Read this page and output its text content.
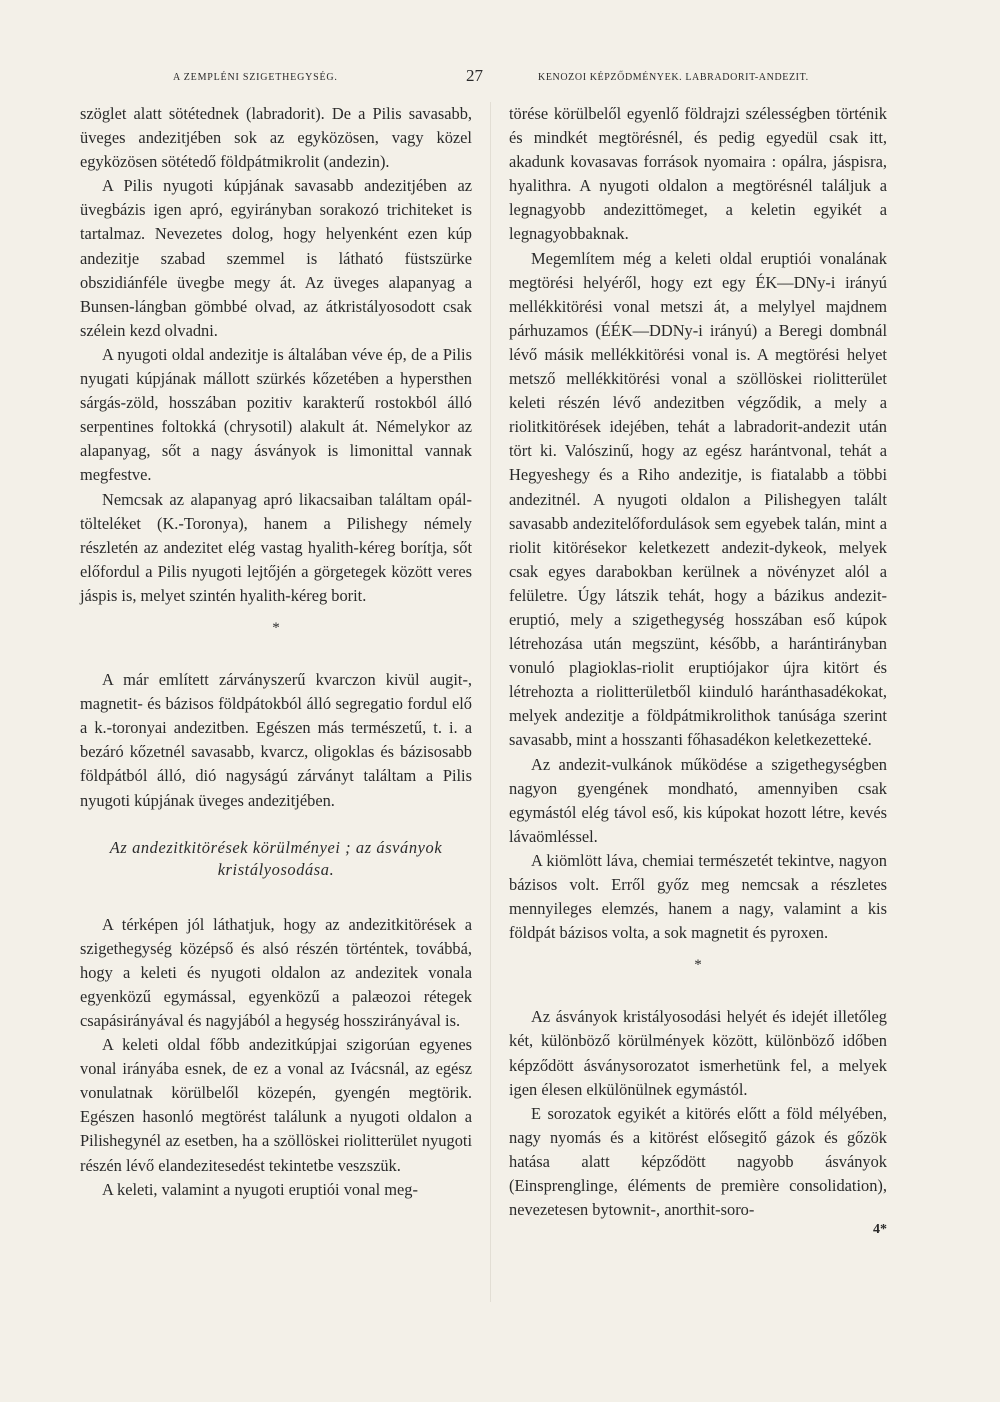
A ZEMPLÉNI SZIGETHEGYSÉG.	27	KENOZOI KÉPZŐDMÉNYEK. LABRADORIT-ANDEZIT.

szöglet alatt sötétednek (labradorit). De a Pilis savasabb, üveges andezitjében sok az egyközösen, vagy közel egyközösen sötétedő földpátmikrolit (andezin).

A Pilis nyugoti kúpjának savasabb andezitjében az üvegbázis igen apró, egyirányban sorakozó trichiteket is tartalmaz. Nevezetes dolog, hogy helyenként ezen kúp andezitje szabad szemmel is látható füstszürke obszidiánféle üvegbe megy át. Az üveges alapanyag a Bunsen-lángban gömbbé olvad, az átkristályosodott csak szélein kezd olvadni.

A nyugoti oldal andezitje is általában véve ép, de a Pilis nyugati kúpjának mállott szürkés kőzetében a hypersthen sárgás-zöld, hosszában pozitiv karakterű rostokból álló serpentines foltokká (chrysotil) alakult át. Némelykor az alapanyag, sőt a nagy ásványok is limonittal vannak megfestve.

Nemcsak az alapanyag apró likacsaiban találtam opál-tölteléket (K.-Toronya), hanem a Pilishegy némely részletén az andezitet elég vastag hyalith-kéreg borítja, sőt előfordul a Pilis nyugoti lejtőjén a görgetegek között veres jáspis is, melyet szintén hyalith-kéreg borit.

*

A már említett zárványszerű kvarczon kivül augit-, magnetit- és bázisos földpátokból álló segregatio fordul elő a k.-toronyai andezitben. Egészen más természetű, t. i. a bezáró kőzetnél savasabb, kvarcz, oligoklas és bázisosabb földpátból álló, dió nagyságú zárványt találtam a Pilis nyugoti kúpjának üveges andezitjében.

Az andezitkitörések körülményei ; az ásványok kristályosodása.

A térképen jól láthatjuk, hogy az andezitkitörések a szigethegység középső és alsó részén történtek, továbbá, hogy a keleti és nyugoti oldalon az andezitek vonala egyenközű egymással, egyenközű a palæozoi rétegek csapásirányával és nagyjából a hegység hosszirányával is.

A keleti oldal főbb andezitkúpjai szigorúan egyenes vonal irányába esnek, de ez a vonal az Ivácsnál, az egész vonulatnak körülbelől közepén, gyengén megtörik. Egészen hasonló megtörést találunk a nyugoti oldalon a Pilishegynél az esetben, ha a szöllöskei riolitterület nyugoti részén lévő elandezitesedést tekintetbe veszszük.

A keleti, valamint a nyugoti eruptiói vonal meg-

törése körülbelől egyenlő földrajzi szélességben történik és mindkét megtörésnél, és pedig egyedül csak itt, akadunk kovasavas források nyomaira : opálra, jáspisra, hyalithra. A nyugoti oldalon a megtörésnél találjuk a legnagyobb andezittömeget, a keletin egyikét a legnagyobbaknak.

Megemlítem még a keleti oldal eruptiói vonalának megtörési helyéről, hogy ezt egy ÉK—DNy-i irányú mellékkitörési vonal metszi át, a melylyel majdnem párhuzamos (ÉÉK—DDNy-i irányú) a Beregi dombnál lévő másik mellékkitörési vonal is. A megtörési helyet metsző mellékkitörési vonal a szöllöskei riolitterület keleti részén lévő andezitben végződik, a mely a riolitkitörések idejében, tehát a labradorit-andezit után tört ki. Valószinű, hogy az egész harántvonal, tehát a Hegyeshegy és a Riho andezitje, is fiatalabb a többi andezitnél. A nyugoti oldalon a Pilishegyen talált savasabb andezitelőfordulások sem egyebek talán, mint a riolit kitörésekor keletkezett andezit-dykeok, melyek csak egyes darabokban kerülnek a növényzet alól a felületre. Úgy látszik tehát, hogy a bázikus andezit-eruptió, mely a szigethegység hosszában eső kúpok létrehozása után megszünt, később, a harántirányban vonuló plagioklas-riolit eruptiójakor újra kitört és létrehozta a riolitterületből kiinduló haránthasadékokat, melyek andezitje a földpátmikrolithok tanúsága szerint savasabb, mint a hosszanti főhasadékon keletkezetteké.

Az andezit-vulkánok működése a szigethegységben nagyon gyengének mondható, amennyiben csak egymástól elég távol eső, kis kúpokat hozott létre, kevés lávaömléssel.

A kiömlött láva, chemiai természetét tekintve, nagyon bázisos volt. Erről győz meg nemcsak a részletes mennyileges elemzés, hanem a nagy, valamint a kis földpát bázisos volta, a sok magnetit és pyroxen.

*

Az ásványok kristályosodási helyét és idejét illetőleg két, különböző körülmények között, különböző időben képződött ásványsorozatot ismerhetünk fel, a melyek igen élesen elkülönülnek egymástól.

E sorozatok egyikét a kitörés előtt a föld mélyében, nagy nyomás és a kitörést elősegitő gázok és gőzök hatása alatt képződött nagyobb ásványok (Einsprenglinge, éléments de première consolidation), nevezetesen bytownit-, anorthit-soro-

4*
